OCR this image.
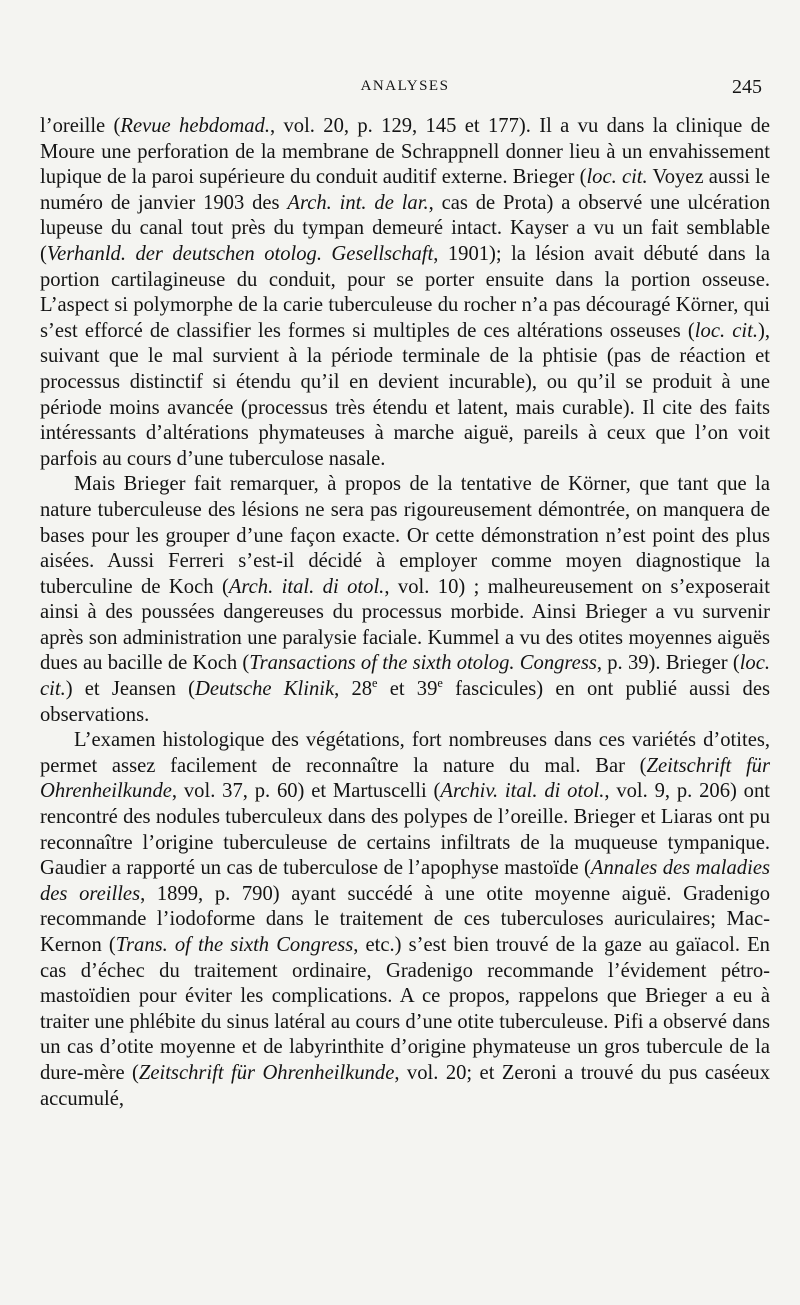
ANALYSES	245

l’oreille (Revue hebdomad., vol. 20, p. 129, 145 et 177). Il a vu dans la clinique de Moure une perforation de la membrane de Schrappnell donner lieu à un envahissement lupique de la paroi supérieure du conduit auditif externe. Brieger (loc. cit. Voyez aussi le numéro de janvier 1903 des Arch. int. de lar., cas de Prota) a observé une ulcération lupeuse du canal tout près du tympan demeuré intact. Kayser a vu un fait semblable (Verhanld. der deutschen otolog. Gesellschaft, 1901); la lésion avait débuté dans la portion cartilagineuse du conduit, pour se porter ensuite dans la portion osseuse. L’aspect si polymorphe de la carie tuberculeuse du rocher n’a pas découragé Körner, qui s’est efforcé de classifier les formes si multiples de ces altérations osseuses (loc. cit.), suivant que le mal survient à la période terminale de la phtisie (pas de réaction et processus distinctif si étendu qu’il en devient incurable), ou qu’il se produit à une période moins avancée (processus très étendu et latent, mais curable). Il cite des faits intéressants d’altérations phymateuses à marche aiguë, pareils à ceux que l’on voit parfois au cours d’une tuberculose nasale.

Mais Brieger fait remarquer, à propos de la tentative de Körner, que tant que la nature tuberculeuse des lésions ne sera pas rigoureusement démontrée, on manquera de bases pour les grouper d’une façon exacte. Or cette démonstration n’est point des plus aisées. Aussi Ferreri s’est-il décidé à employer comme moyen diagnostique la tuberculine de Koch (Arch. ital. di otol., vol. 10) ; malheureusement on s’exposerait ainsi à des poussées dangereuses du processus morbide. Ainsi Brieger a vu survenir après son administration une paralysie faciale. Kummel a vu des otites moyennes aiguës dues au bacille de Koch (Transactions of the sixth otolog. Congress, p. 39). Brieger (loc. cit.) et Jeansen (Deutsche Klinik, 28e et 39e fascicules) en ont publié aussi des observations.

L’examen histologique des végétations, fort nombreuses dans ces variétés d’otites, permet assez facilement de reconnaître la nature du mal. Bar (Zeitschrift für Ohrenheilkunde, vol. 37, p. 60) et Martuscelli (Archiv. ital. di otol., vol. 9, p. 206) ont rencontré des nodules tuberculeux dans des polypes de l’oreille. Brieger et Liaras ont pu reconnaître l’origine tuberculeuse de certains infiltrats de la muqueuse tympanique. Gaudier a rapporté un cas de tuberculose de l’apophyse mastoïde (Annales des maladies des oreilles, 1899, p. 790) ayant succédé à une otite moyenne aiguë. Gradenigo recommande l’iodoforme dans le traitement de ces tuberculoses auriculaires; Mac-Kernon (Trans. of the sixth Congress, etc.) s’est bien trouvé de la gaze au gaïacol. En cas d’échec du traitement ordinaire, Gradenigo recommande l’évidement pétro-mastoïdien pour éviter les complications. A ce propos, rappelons que Brieger a eu à traiter une phlébite du sinus latéral au cours d’une otite tuberculeuse. Pifi a observé dans un cas d’otite moyenne et de labyrinthite d’origine phymateuse un gros tubercule de la dure-mère (Zeitschrift für Ohrenheilkunde, vol. 20; et Zeroni a trouvé du pus caséeux accumulé,
